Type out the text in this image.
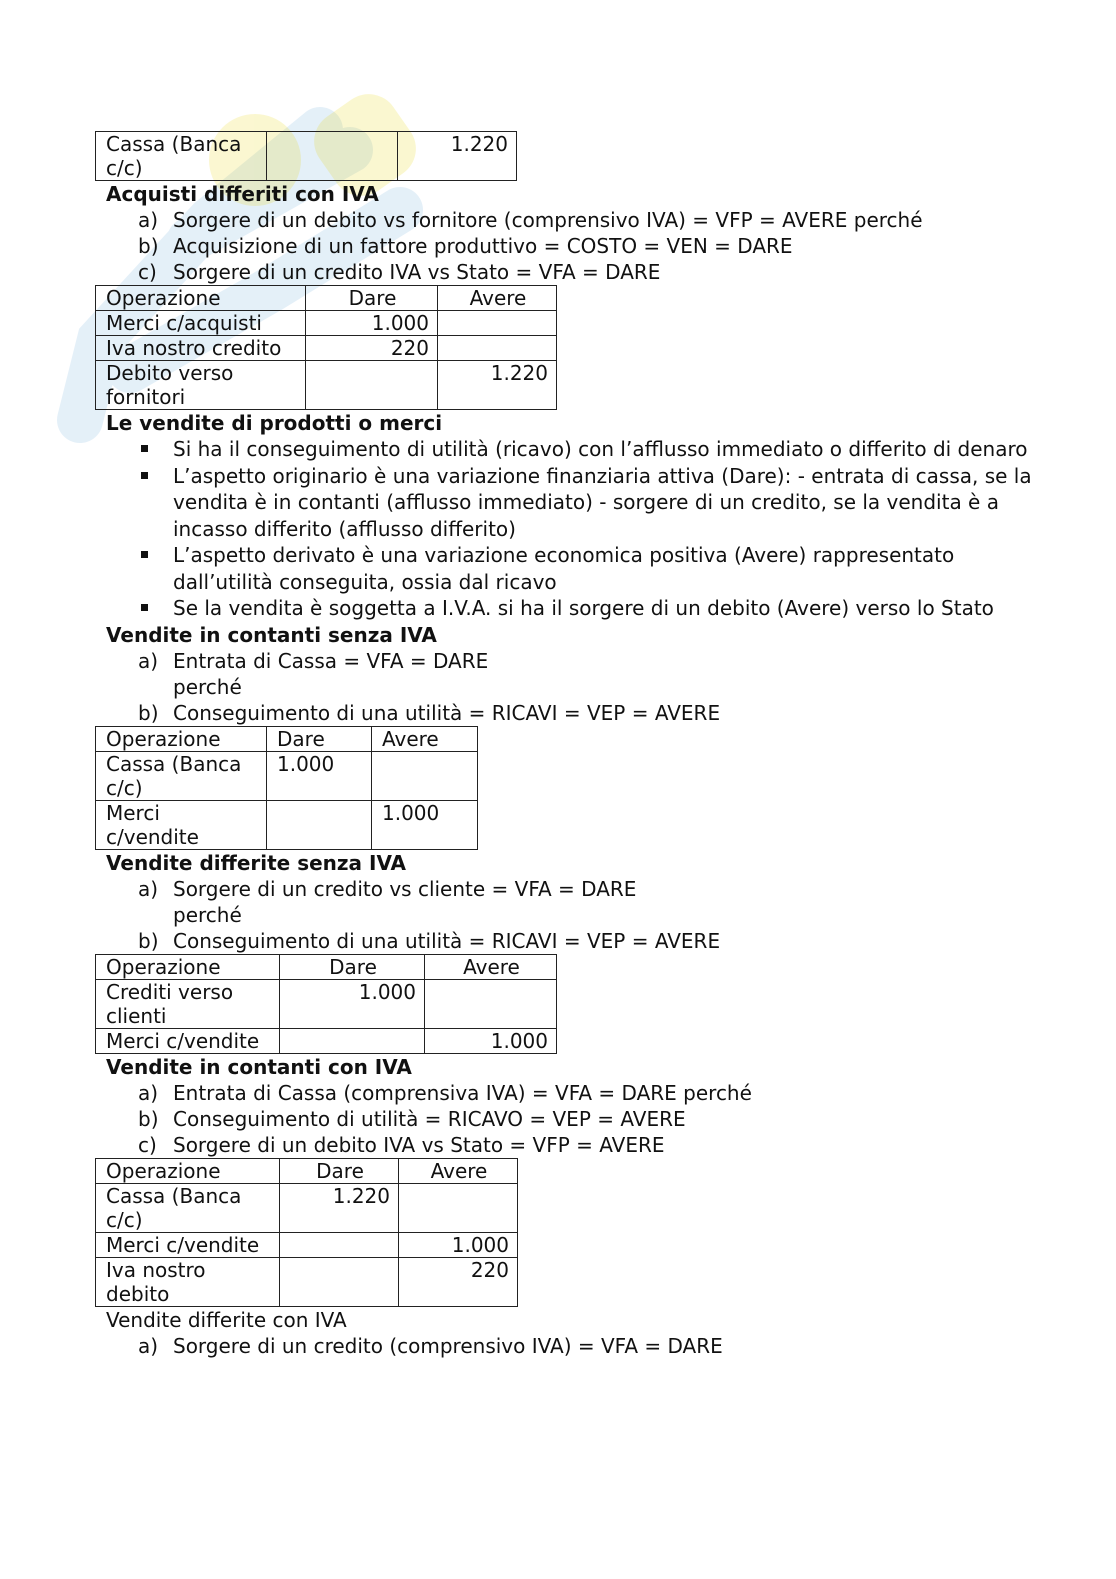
Cassa (Banca c/c)		1.220
Acquisti differiti con IVA
a) Sorgere di un debito vs fornitore (comprensivo IVA) = VFP = AVERE perché
b) Acquisizione di un fattore produttivo = COSTO = VEN = DARE
c) Sorgere di un credito IVA vs Stato = VFA = DARE
Operazione	Dare	Avere
Merci c/acquisti	1.000	
Iva nostro credito	220	
Debito verso fornitori		1.220
Le vendite di prodotti o merci
Si ha il conseguimento di utilità (ricavo) con l’afflusso immediato o differito di denaro
L’aspetto originario è una variazione finanziaria attiva (Dare): - entrata di cassa, se la vendita è in contanti (afflusso immediato) - sorgere di un credito, se la vendita è a incasso differito (afflusso differito)
L’aspetto derivato è una variazione economica positiva (Avere) rappresentato dall’utilità conseguita, ossia dal ricavo
Se la vendita è soggetta a I.V.A. si ha il sorgere di un debito (Avere) verso lo Stato
Vendite in contanti senza IVA
a) Entrata di Cassa = VFA = DARE perché
b) Conseguimento di una utilità = RICAVI = VEP = AVERE
Operazione	Dare	Avere
Cassa (Banca c/c)	1.000	
Merci c/vendite		1.000
Vendite differite senza IVA
a) Sorgere di un credito vs cliente = VFA = DARE perché
b) Conseguimento di una utilità = RICAVI = VEP = AVERE
Operazione	Dare	Avere
Crediti verso clienti	1.000	
Merci c/vendite		1.000
Vendite in contanti con IVA
a) Entrata di Cassa (comprensiva IVA) = VFA = DARE perché
b) Conseguimento di utilità = RICAVO = VEP = AVERE
c) Sorgere di un debito IVA vs Stato = VFP = AVERE
Operazione	Dare	Avere
Cassa (Banca c/c)	1.220	
Merci c/vendite		1.000
Iva nostro debito		220
Vendite differite con IVA
a) Sorgere di un credito (comprensivo IVA) = VFA = DARE
